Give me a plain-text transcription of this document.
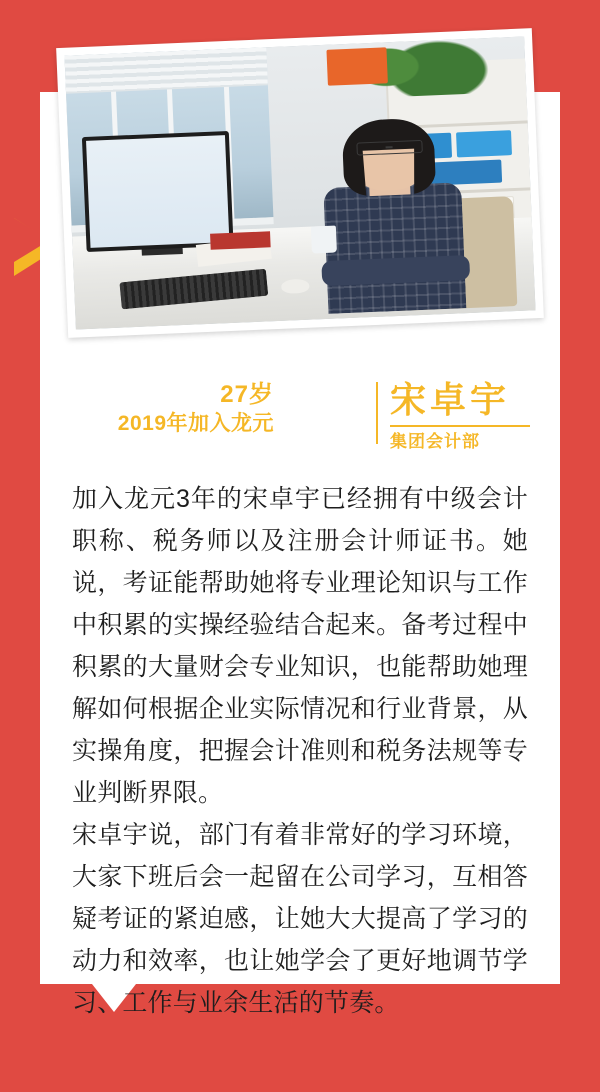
27岁
2019年加入龙元
宋卓宇
集团会计部

加入龙元3年的宋卓宇已经拥有中级会计职称、税务师以及注册会计师证书。她说，考证能帮助她将专业理论知识与工作中积累的实操经验结合起来。备考过程中积累的大量财会专业知识，也能帮助她理解如何根据企业实际情况和行业背景，从实操角度，把握会计准则和税务法规等专业判断界限。

宋卓宇说，部门有着非常好的学习环境，大家下班后会一起留在公司学习，互相答疑考证的紧迫感，让她大大提高了学习的动力和效率，也让她学会了更好地调节学习、工作与业余生活的节奏。
